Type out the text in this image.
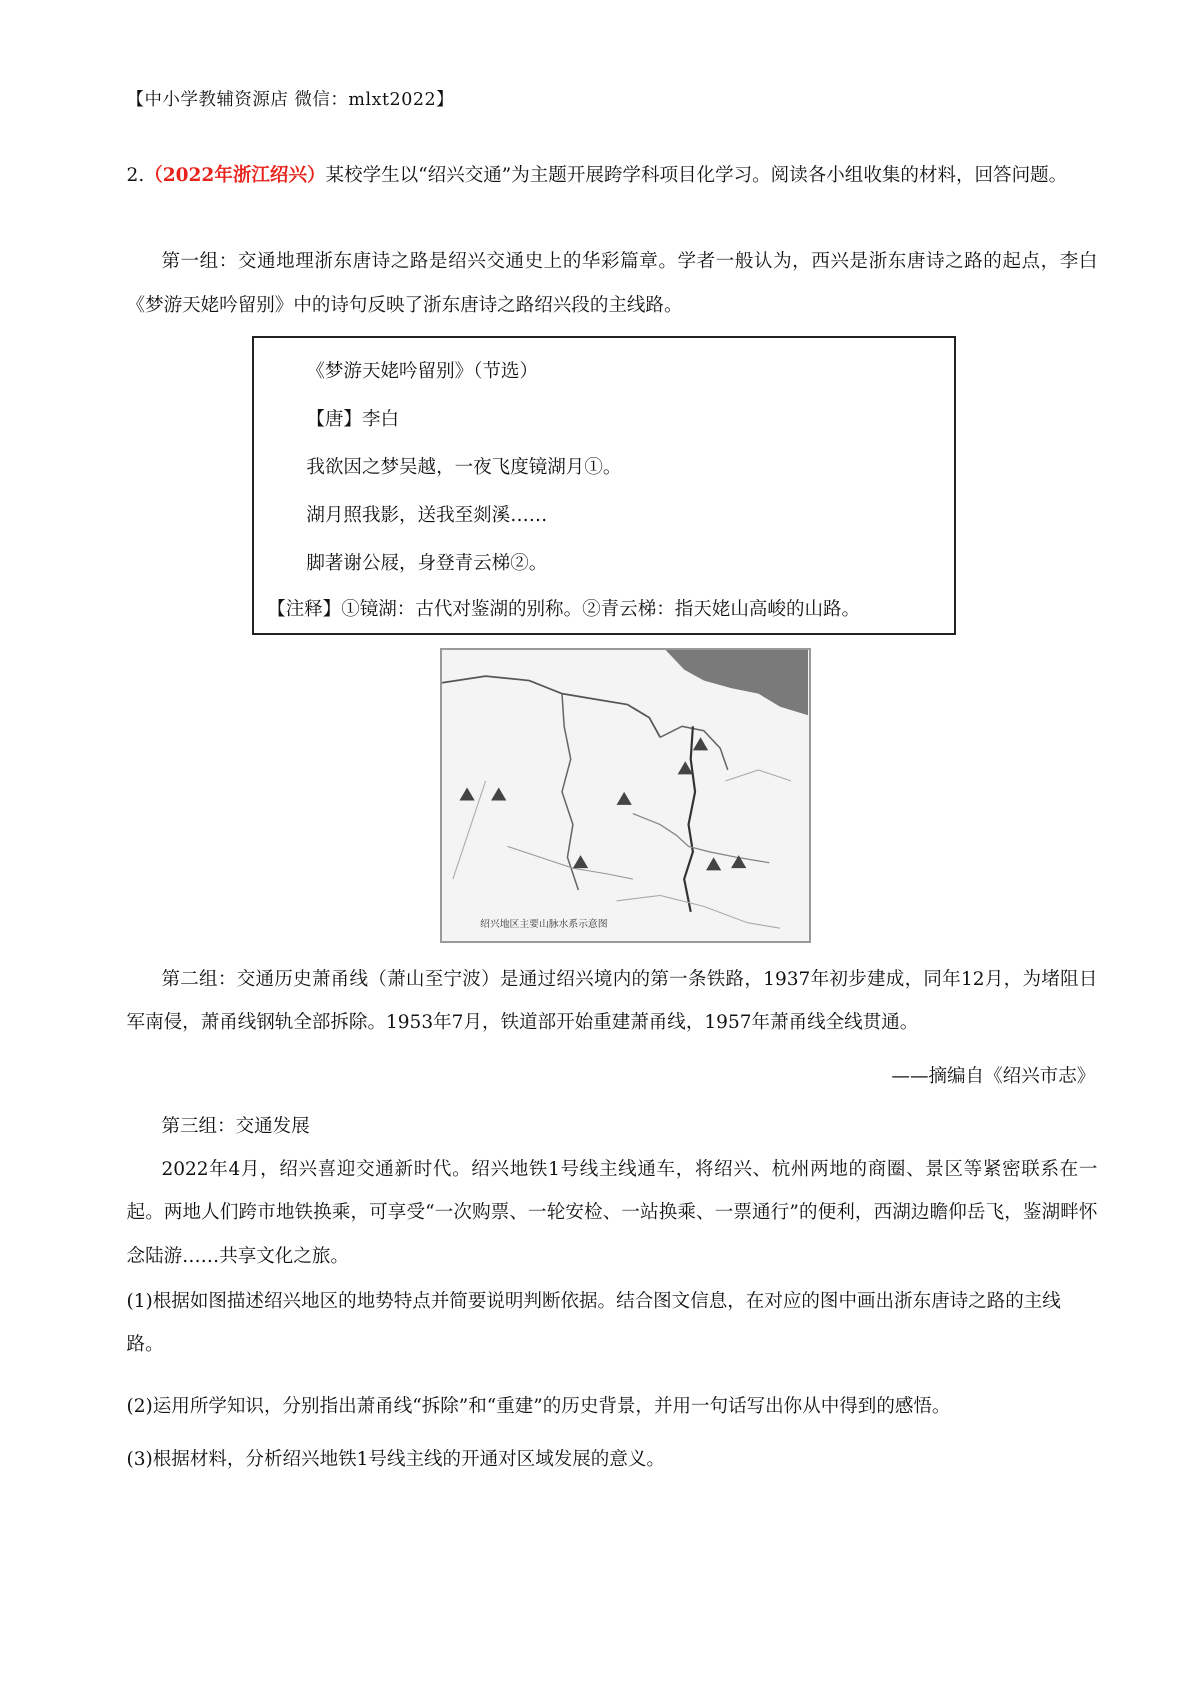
【中小学教辅资源店 微信：mlxt2022】
2.（2022年浙江绍兴）某校学生以“绍兴交通”为主题开展跨学科项目化学习。阅读各小组收集的材料，回答问题。
第一组：交通地理浙东唐诗之路是绍兴交通史上的华彩篇章。学者一般认为，西兴是浙东唐诗之路的起点，李白《梦游天姥吟留别》中的诗句反映了浙东唐诗之路绍兴段的主线路。
《梦游天姥吟留别》（节选）
【唐】李白
我欲因之梦吴越，一夜飞度镜湖月①。
湖月照我影，送我至剡溪……
脚著谢公屐，身登青云梯②。
【注释】①镜湖：古代对鉴湖的别称。②青云梯：指天姥山高峻的山路。
绍兴地区主要山脉水系示意图
第二组：交通历史萧甬线（萧山至宁波）是通过绍兴境内的第一条铁路，1937年初步建成，同年12月，为堵阻日军南侵，萧甬线钢轨全部拆除。1953年7月，铁道部开始重建萧甬线，1957年萧甬线全线贯通。
——摘编自《绍兴市志》
第三组：交通发展
2022年4月，绍兴喜迎交通新时代。绍兴地铁1号线主线通车，将绍兴、杭州两地的商圈、景区等紧密联系在一起。两地人们跨市地铁换乘，可享受“一次购票、一轮安检、一站换乘、一票通行”的便利，西湖边瞻仰岳飞，鉴湖畔怀念陆游……共享文化之旅。
(1)根据如图描述绍兴地区的地势特点并简要说明判断依据。结合图文信息，在对应的图中画出浙东唐诗之路的主线路。
(2)运用所学知识，分别指出萧甬线“拆除”和“重建”的历史背景，并用一句话写出你从中得到的感悟。
(3)根据材料，分析绍兴地铁1号线主线的开通对区域发展的意义。
